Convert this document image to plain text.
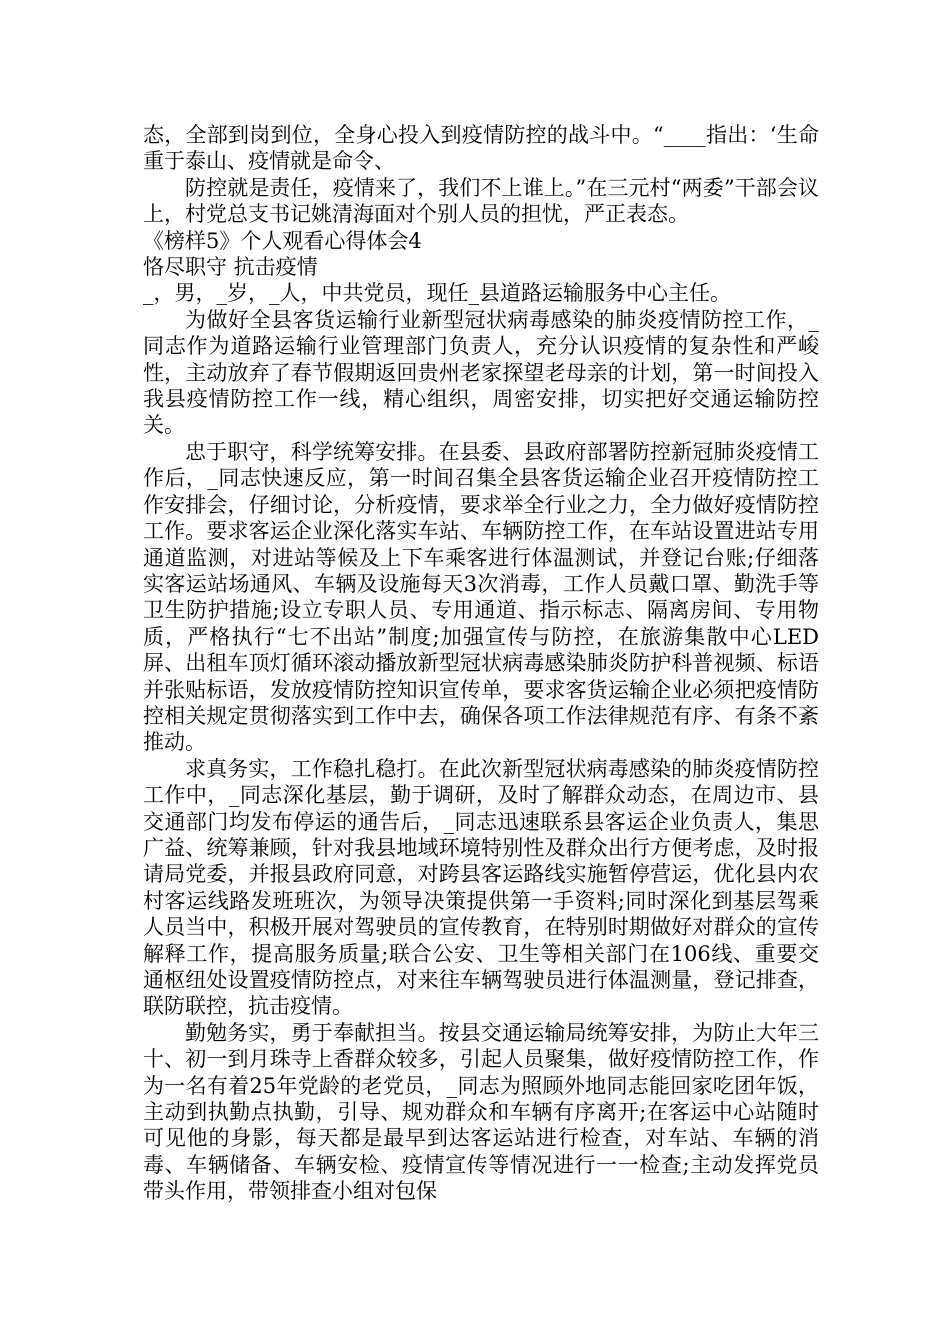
态，全部到岗到位，全身心投入到疫情防控的战斗中。“____指出：‘生命重于泰山、疫情就是命令、

防控就是责任，疫情来了，我们不上谁上。”在三元村“两委”干部会议上，村党总支书记姚清海面对个别人员的担忧，严正表态。

《榜样5》个人观看心得体会4

恪尽职守 抗击疫情

_，男，_岁，_人，中共党员，现任_县道路运输服务中心主任。

为做好全县客货运输行业新型冠状病毒感染的肺炎疫情防控工作，_同志作为道路运输行业管理部门负责人，充分认识疫情的复杂性和严峻性，主动放弃了春节假期返回贵州老家探望老母亲的计划，第一时间投入我县疫情防控工作一线，精心组织，周密安排，切实把好交通运输防控关。

忠于职守，科学统筹安排。在县委、县政府部署防控新冠肺炎疫情工作后，_同志快速反应，第一时间召集全县客货运输企业召开疫情防控工作安排会，仔细讨论，分析疫情，要求举全行业之力，全力做好疫情防控工作。要求客运企业深化落实车站、车辆防控工作，在车站设置进站专用通道监测，对进站等候及上下车乘客进行体温测试，并登记台账;仔细落实客运站场通风、车辆及设施每天3次消毒，工作人员戴口罩、勤洗手等卫生防护措施;设立专职人员、专用通道、指示标志、隔离房间、专用物质，严格执行“七不出站”制度;加强宣传与防控，在旅游集散中心LED屏、出租车顶灯循环滚动播放新型冠状病毒感染肺炎防护科普视频、标语并张贴标语，发放疫情防控知识宣传单，要求客货运输企业必须把疫情防控相关规定贯彻落实到工作中去，确保各项工作法律规范有序、有条不紊推动。

求真务实，工作稳扎稳打。在此次新型冠状病毒感染的肺炎疫情防控工作中，_同志深化基层，勤于调研，及时了解群众动态，在周边市、县交通部门均发布停运的通告后，_同志迅速联系县客运企业负责人，集思广益、统筹兼顾，针对我县地域环境特别性及群众出行方便考虑，及时报请局党委，并报县政府同意，对跨县客运路线实施暂停营运，优化县内农村客运线路发班班次，为领导决策提供第一手资料;同时深化到基层驾乘人员当中，积极开展对驾驶员的宣传教育，在特别时期做好对群众的宣传解释工作，提高服务质量;联合公安、卫生等相关部门在106线、重要交通枢纽处设置疫情防控点，对来往车辆驾驶员进行体温测量，登记排查，联防联控，抗击疫情。

勤勉务实，勇于奉献担当。按县交通运输局统筹安排，为防止大年三十、初一到月珠寺上香群众较多，引起人员聚集，做好疫情防控工作，作为一名有着25年党龄的老党员，_同志为照顾外地同志能回家吃团年饭，主动到执勤点执勤，引导、规劝群众和车辆有序离开;在客运中心站随时可见他的身影，每天都是最早到达客运站进行检查，对车站、车辆的消毒、车辆储备、车辆安检、疫情宣传等情况进行一一检查;主动发挥党员带头作用，带领排查小组对包保
